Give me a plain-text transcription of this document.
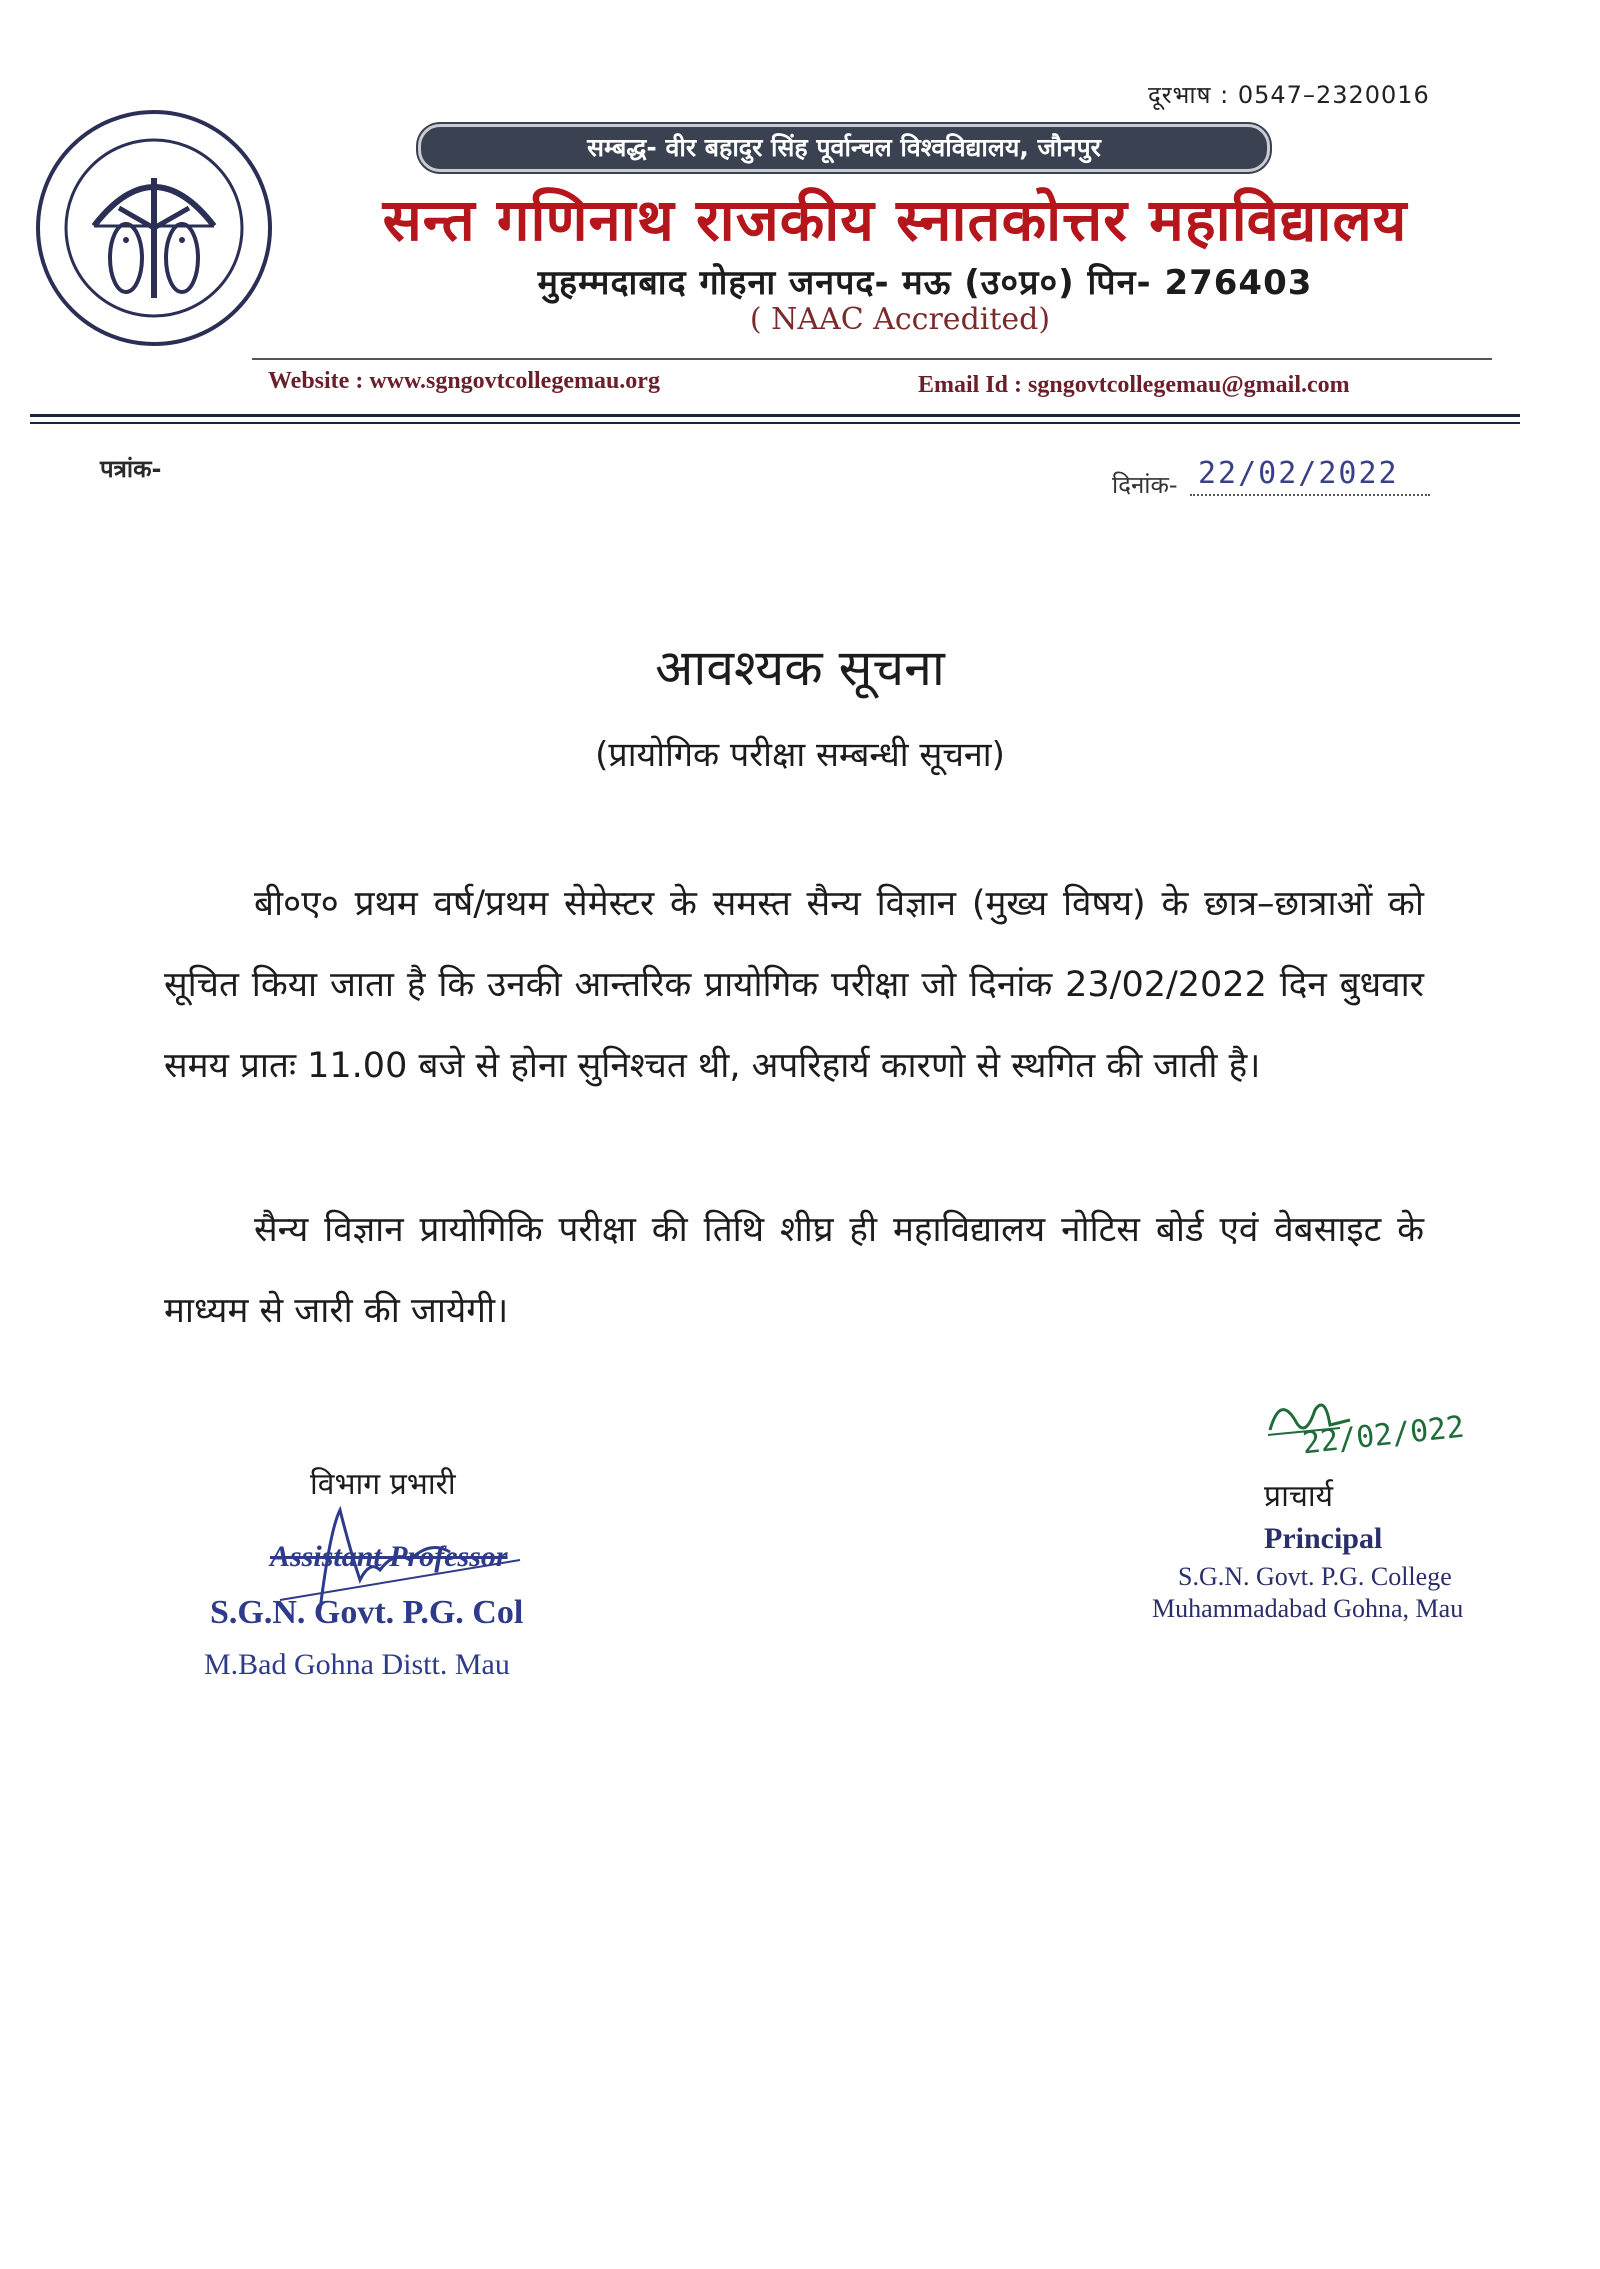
दूरभाष : 0547–2320016
सम्बद्ध- वीर बहादुर सिंह पूर्वान्चल विश्वविद्यालय, जौनपुर
सन्त गणिनाथ राजकीय स्नातकोत्तर महाविद्यालय
मुहम्मदाबाद गोहना जनपद- मऊ (उ०प्र०) पिन- 276403
( NAAC Accredited)
Website : www.sgngovtcollegemau.org	Email Id : sgngovtcollegemau@gmail.com
पत्रांक-
दिनांक- 22/02/2022
आवश्यक सूचना
(प्रायोगिक परीक्षा सम्बन्धी सूचना)
बी०ए० प्रथम वर्ष/प्रथम सेमेस्टर के समस्त सैन्य विज्ञान (मुख्य विषय) के छात्र–छात्राओं को सूचित किया जाता है कि उनकी आन्तरिक प्रायोगिक परीक्षा जो दिनांक 23/02/2022 दिन बुधवार समय प्रातः 11.00 बजे से होना सुनिश्चत थी, अपरिहार्य कारणो से स्थगित की जाती है।
सैन्य विज्ञान प्रायोगिकि परीक्षा की तिथि शीघ्र ही महाविद्यालय नोटिस बोर्ड एवं वेबसाइट के माध्यम से जारी की जायेगी।
विभाग प्रभारी
Assistant Professor
S.G.N. Govt. P.G. Col
M.Bad Gohna Distt. Mau
22/02/022
प्राचार्य
Principal
S.G.N. Govt. P.G. College
Muhammadabad Gohna, Mau
